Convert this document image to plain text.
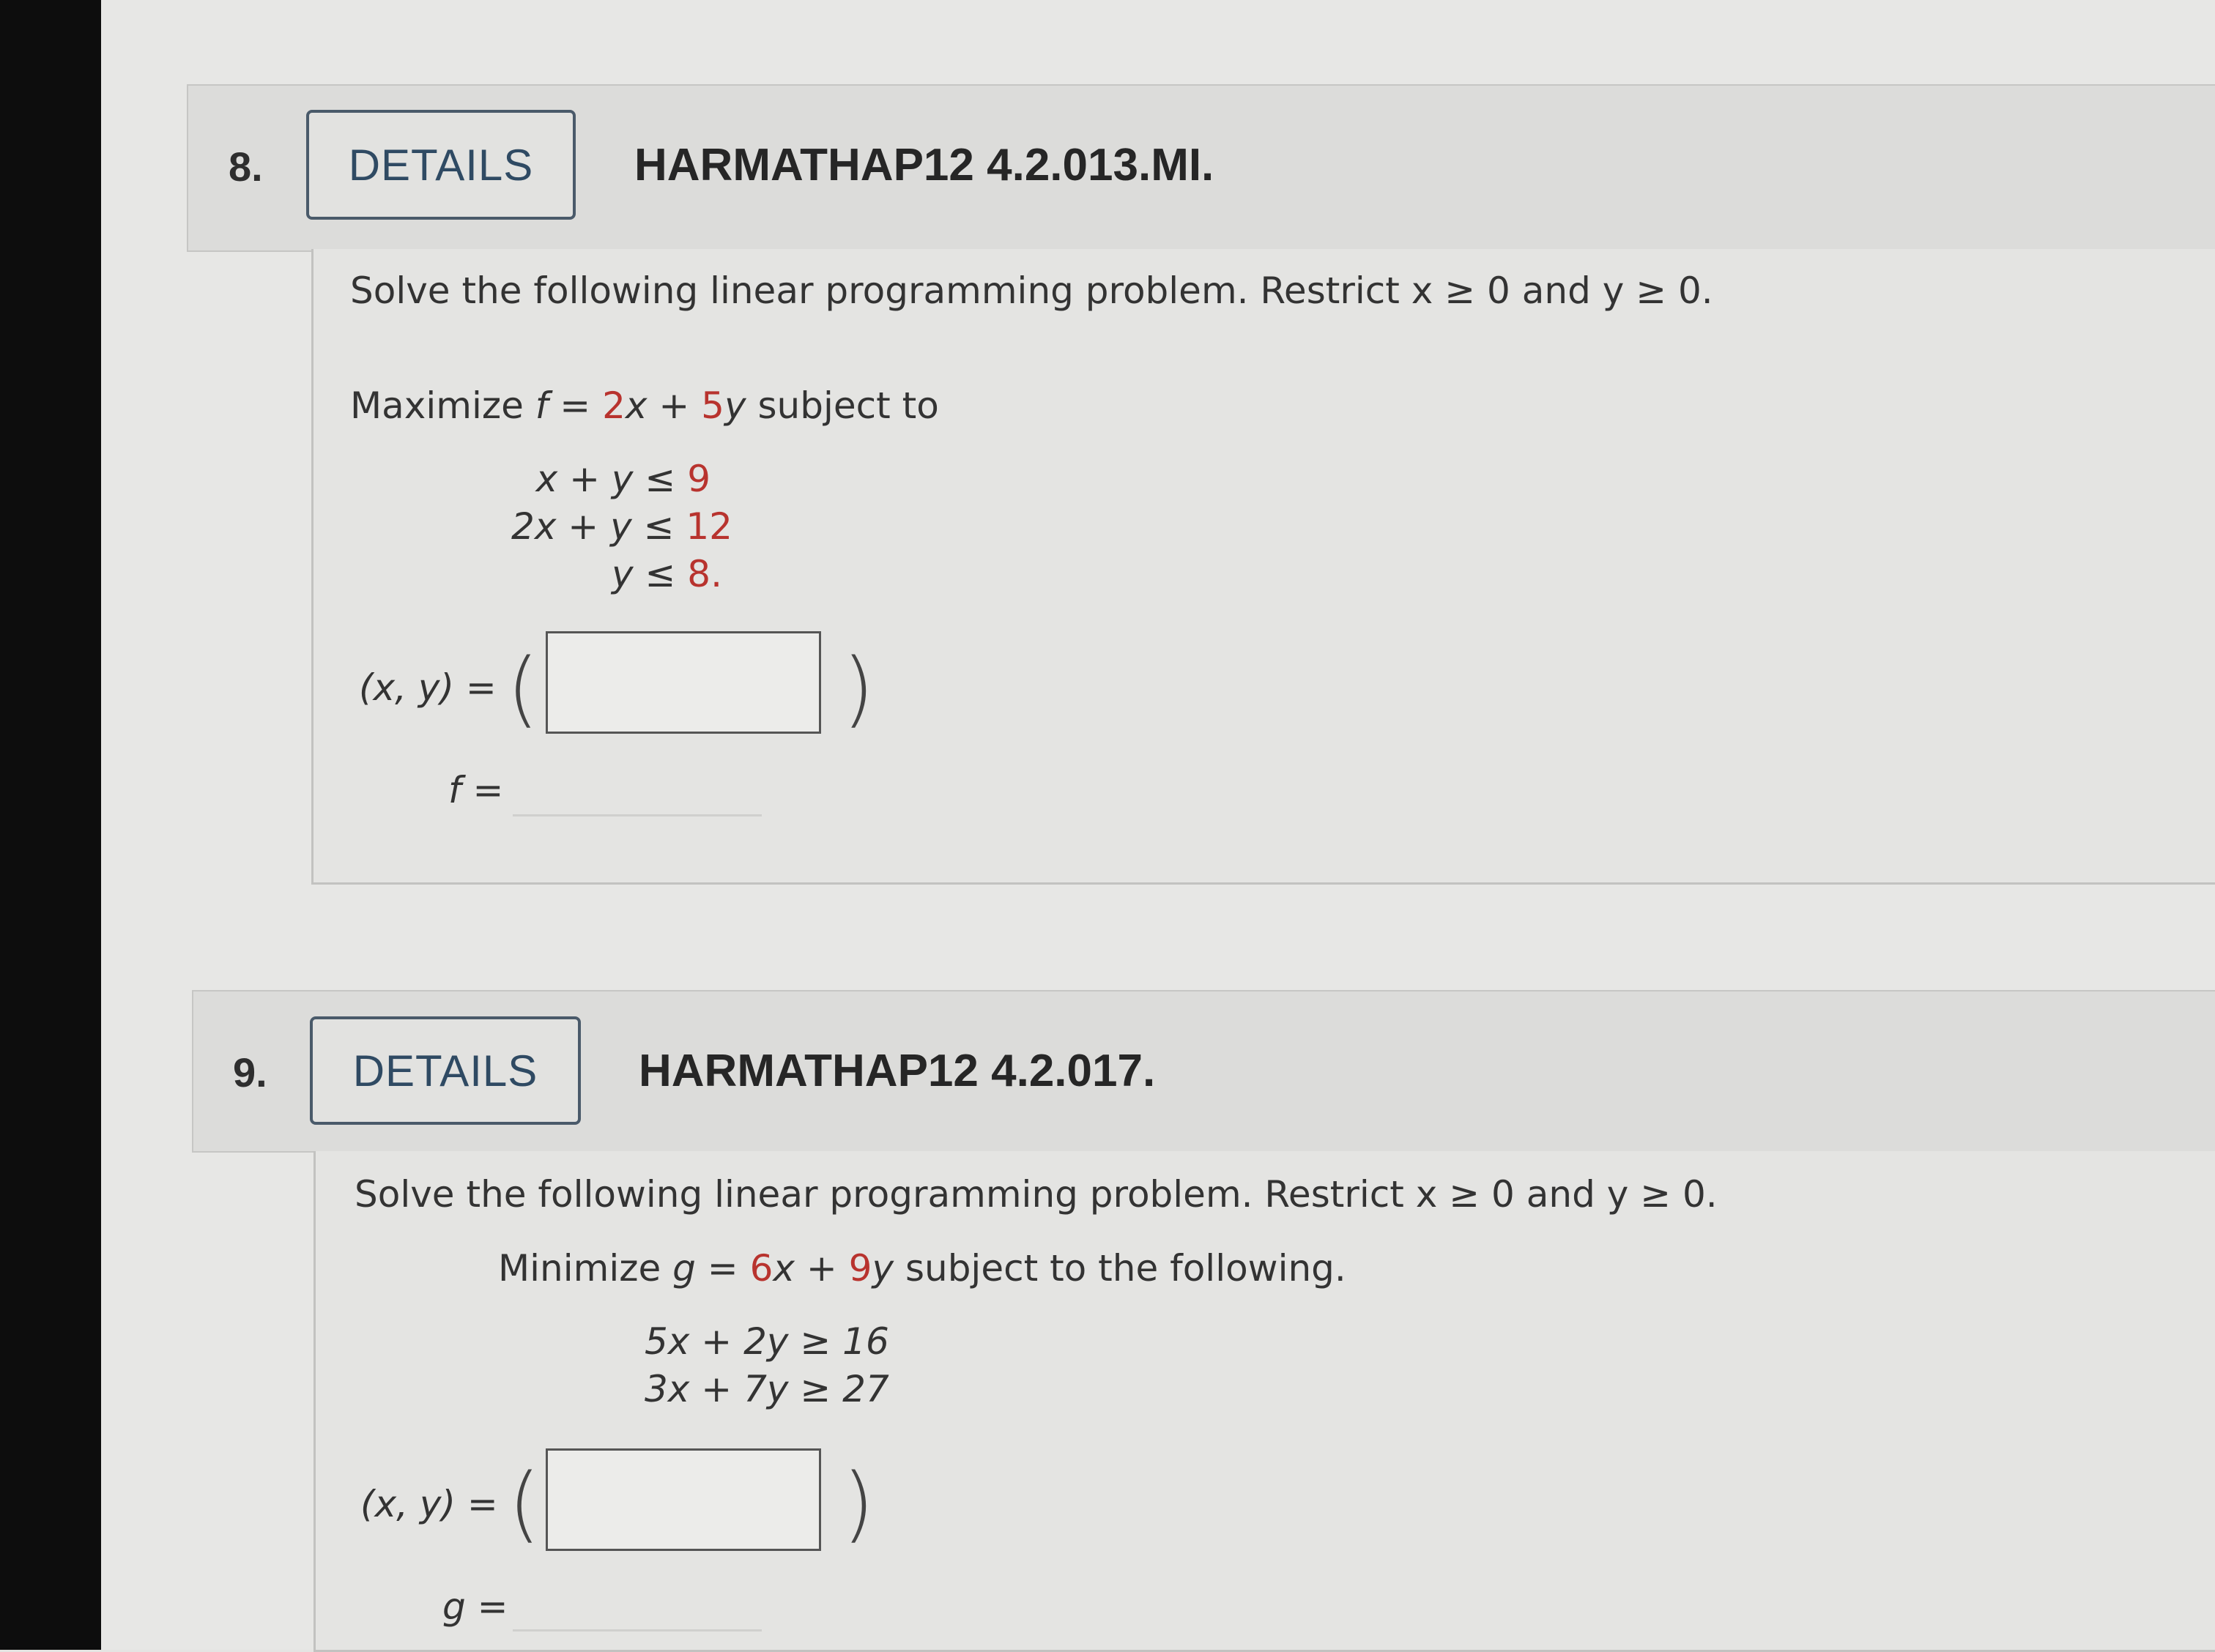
8.	DETAILS	HARMATHAP12 4.2.013.MI.
Solve the following linear programming problem. Restrict x ≥ 0 and y ≥ 0.
Maximize f = 2x + 5y subject to
x + y ≤ 9
2x + y ≤ 12
y ≤ 8.
(x, y) = (	)
f =
9.	DETAILS	HARMATHAP12 4.2.017.
Solve the following linear programming problem. Restrict x ≥ 0 and y ≥ 0.
Minimize g = 6x + 9y subject to the following.
5x + 2y ≥ 16
3x + 7y ≥ 27
(x, y) = (	)
g =
